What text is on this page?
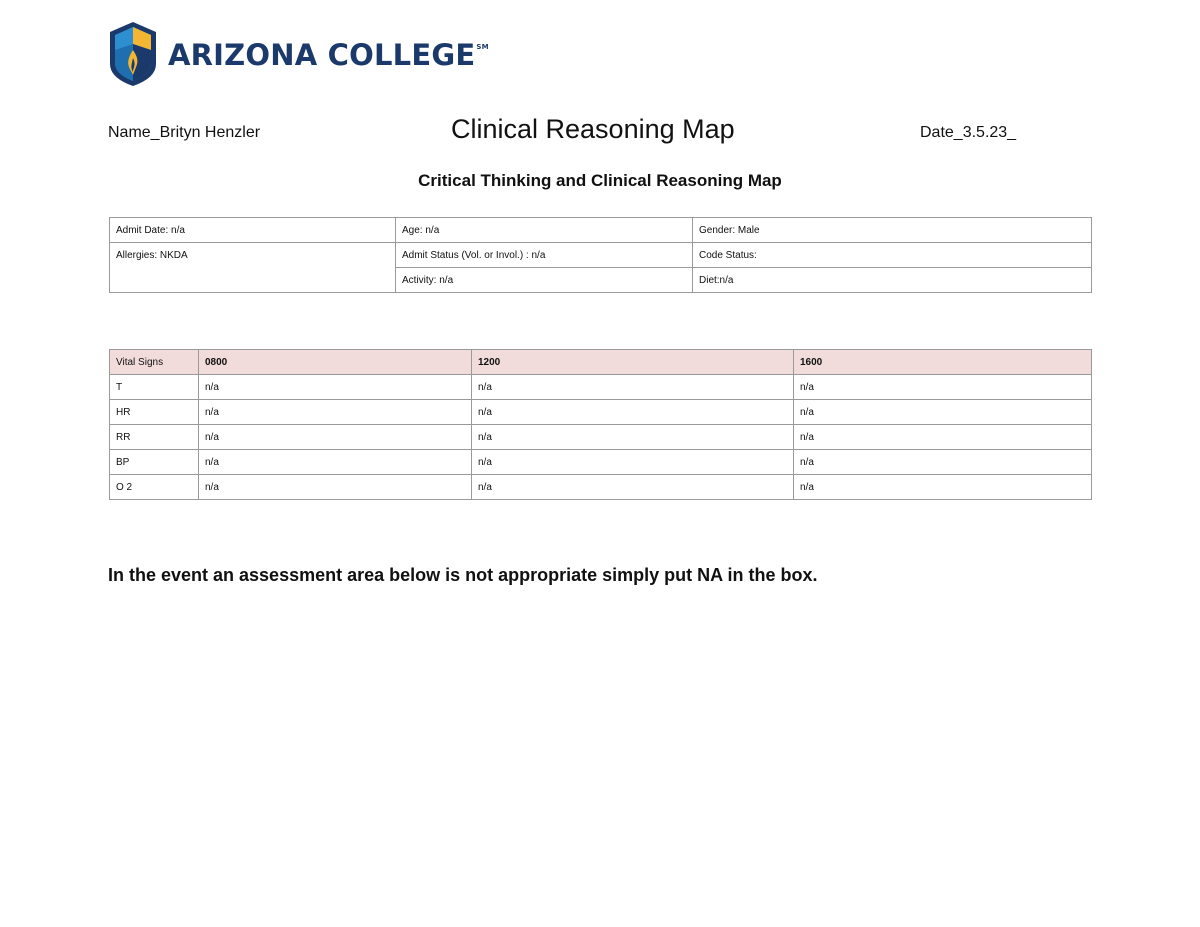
ARIZONA COLLEGE℠
Name_Brityn Henzler	Clinical Reasoning Map	Date_3.5.23_
Critical Thinking and Clinical Reasoning Map
Admit Date: n/a	Age: n/a	Gender: Male
Allergies: NKDA	Admit Status (Vol. or Invol.) : n/a	Code Status:
	Activity: n/a	Diet:n/a
Vital Signs	0800	1200	1600
T	n/a	n/a	n/a
HR	n/a	n/a	n/a
RR	n/a	n/a	n/a
BP	n/a	n/a	n/a
O 2	n/a	n/a	n/a
In the event an assessment area below is not appropriate simply put NA in the box.
